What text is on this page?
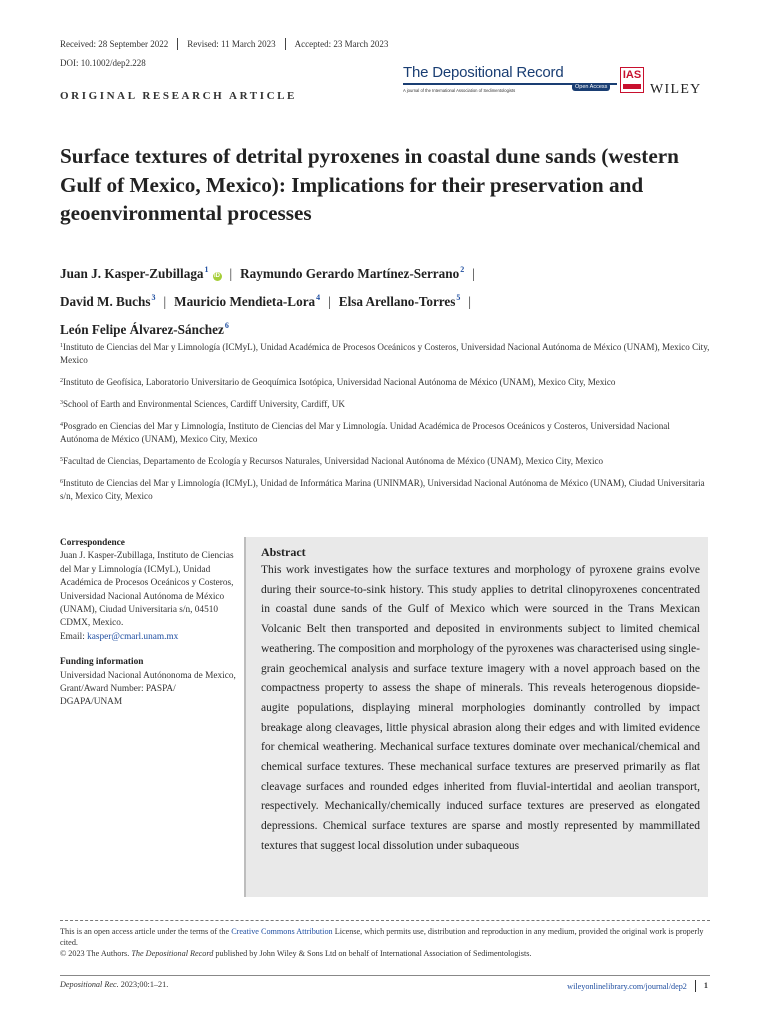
Received: 28 September 2022	Revised: 11 March 2023	Accepted: 23 March 2023
DOI: 10.1002/dep2.228
ORIGINAL RESEARCH ARTICLE
The Depositional Record
A journal of the International Association of Sedimentologists
Open Access
IAS
WILEY
Surface textures of detrital pyroxenes in coastal dune sands (western Gulf of Mexico, Mexico): Implications for their preservation and geoenvironmental processes
Juan J. Kasper-Zubillaga$^1$iD | Raymundo Gerardo Martínez-Serrano$^2$ |
David M. Buchs$^3$ | Mauricio Mendieta-Lora$^4$ | Elsa Arellano-Torres$^5$ |
León Felipe Álvarez-Sánchez$^6$
$^1$Instituto de Ciencias del Mar y Limnología (ICMyL), Unidad Académica de Procesos Oceánicos y Costeros, Universidad Nacional Autónoma de México (UNAM), Mexico City, Mexico
$^2$Instituto de Geofísica, Laboratorio Universitario de Geoquímica Isotópica, Universidad Nacional Autónoma de México (UNAM), Mexico City, Mexico
$^3$School of Earth and Environmental Sciences, Cardiff University, Cardiff, UK
$^4$Posgrado en Ciencias del Mar y Limnología, Instituto de Ciencias del Mar y Limnología. Unidad Académica de Procesos Oceánicos y Costeros, Universidad Nacional Autónoma de México (UNAM), Mexico City, Mexico
$^5$Facultad de Ciencias, Departamento de Ecología y Recursos Naturales, Universidad Nacional Autónoma de México (UNAM), Mexico City, Mexico
$^6$Instituto de Ciencias del Mar y Limnología (ICMyL), Unidad de Informática Marina (UNINMAR), Universidad Nacional Autónoma de México (UNAM), Ciudad Universitaria s/n, Mexico City, Mexico
Correspondence
Juan J. Kasper-Zubillaga, Instituto de Ciencias del Mar y Limnología (ICMyL), Unidad Académica de Procesos Oceánicos y Costeros, Universidad Nacional Autónoma de México (UNAM), Ciudad Universitaria s/n, 04510 CDMX, Mexico.
Email: kasper@cmarl.unam.mx
Funding information
Universidad Nacional Autónonoma de Mexico, Grant/Award Number: PASPA/ DGAPA/UNAM
Abstract

This work investigates how the surface textures and morphology of pyroxene grains evolve during their source-to-sink history. This study applies to detrital clinopyroxenes concentrated in coastal dune sands of the Gulf of Mexico which were sourced in the Trans Mexican Volcanic Belt then transported and deposited in environments subject to limited chemical weathering. The composition and morphology of the pyroxenes was characterised using single-grain geochemical analysis and surface texture imagery with a novel approach based on the compactness property to assess the shape of minerals. This reveals heterogenous diopside-augite populations, displaying mineral morphologies dominantly controlled by impact breakage along cleavages, little physical abrasion along their edges and with limited evidence for chemical weathering. Mechanical surface textures dominate over mechanical/chemical and chemical surface textures. These mechanical surface textures are preserved primarily as flat cleavage surfaces and rounded edges inherited from fluvial-intertidal and aeolian transport, respectively. Mechanically/chemically induced surface textures are preserved as elongated depressions. Chemical surface textures are sparse and mostly represented by mammillated textures that suggest local dissolution under subaqueous

This is an open access article under the terms of the Creative Commons Attribution License, which permits use, distribution and reproduction in any medium, provided the original work is properly cited.
© 2023 The Authors. The Depositional Record published by John Wiley & Sons Ltd on behalf of International Association of Sedimentologists.
Depositional Rec. 2023;00:1–21.	wileyonlinelibrary.com/journal/dep2	1
